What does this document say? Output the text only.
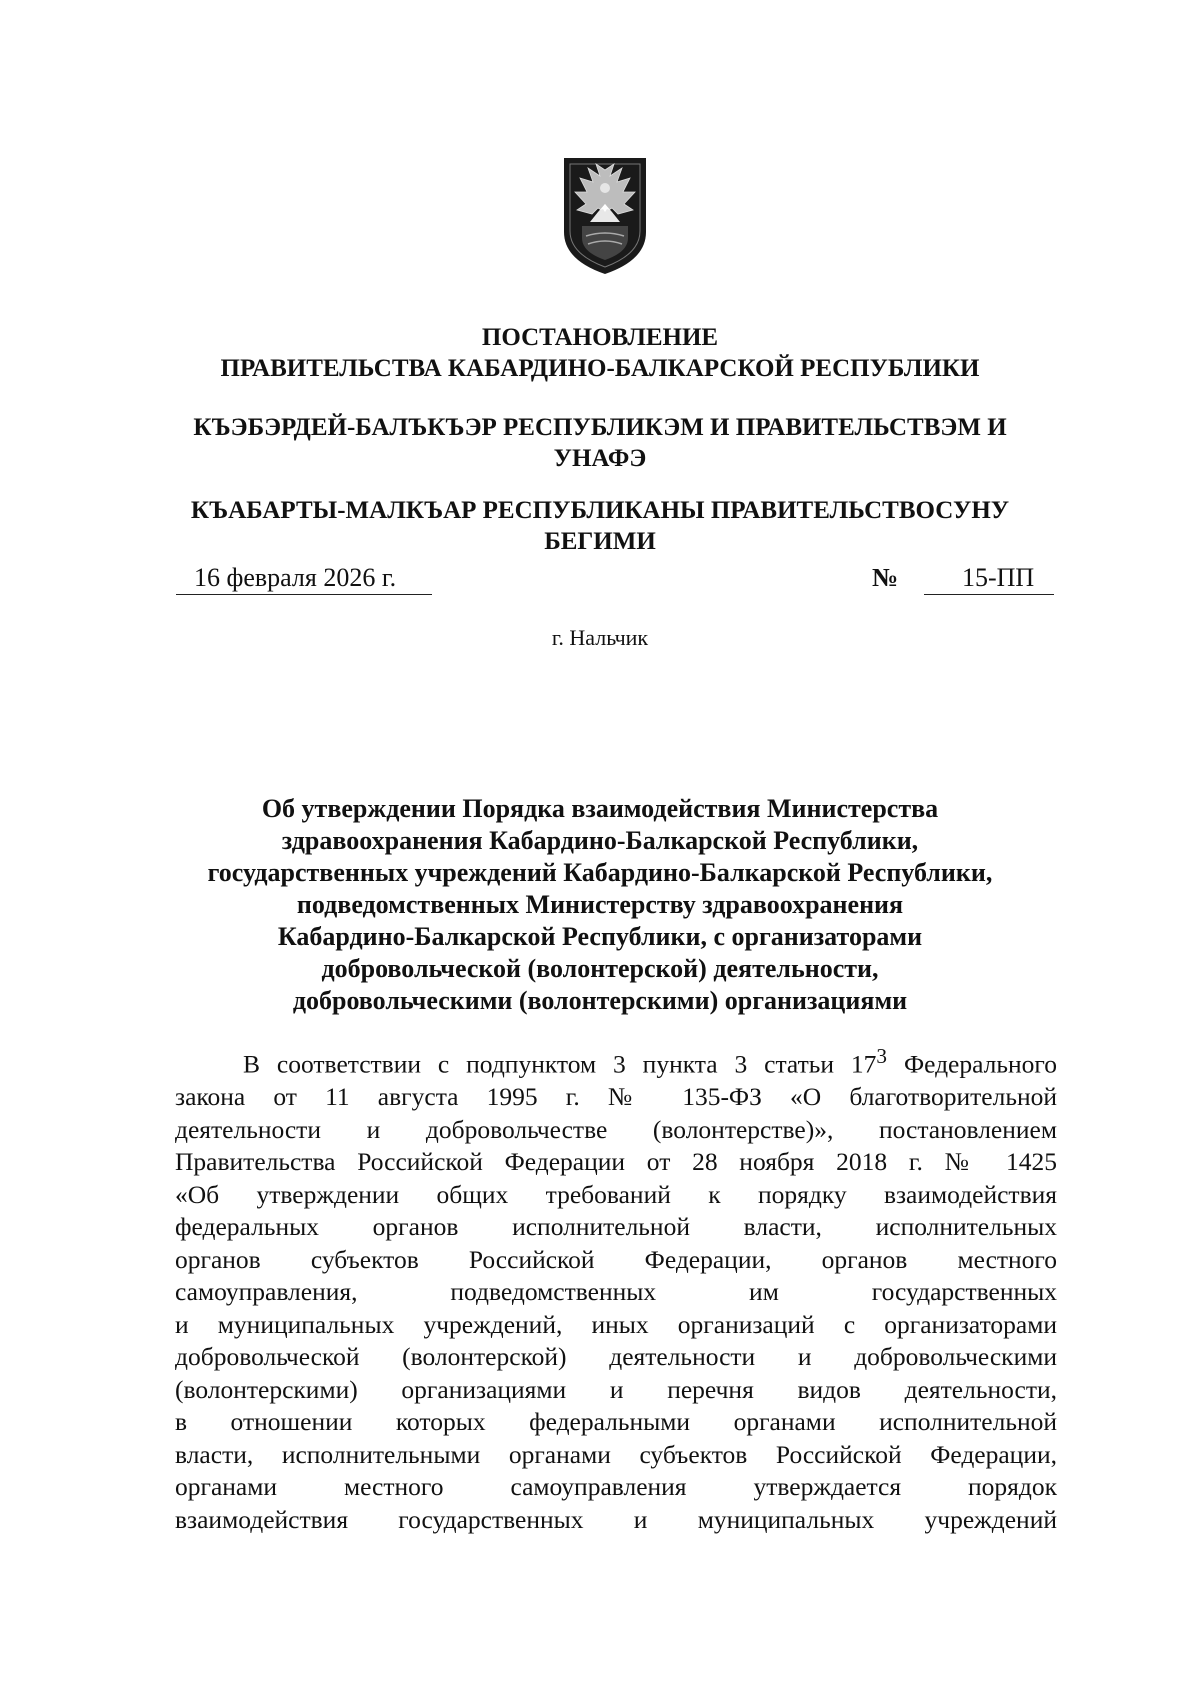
ПОСТАНОВЛЕНИЕ
ПРАВИТЕЛЬСТВА КАБАРДИНО-БАЛКАРСКОЙ РЕСПУБЛИКИ
КЪЭБЭРДЕЙ-БАЛЪКЪЭР РЕСПУБЛИКЭМ И ПРАВИТЕЛЬСТВЭМ И
УНАФЭ
КЪАБАРТЫ-МАЛКЪАР РЕСПУБЛИКАНЫ ПРАВИТЕЛЬСТВОСУНУ
БЕГИМИ
16 февраля 2026 г.	№	15-ПП
г. Нальчик
Об утверждении Порядка взаимодействия Министерства
здравоохранения Кабардино-Балкарской Республики,
государственных учреждений Кабардино-Балкарской Республики,
подведомственных Министерству здравоохранения
Кабардино-Балкарской Республики, с организаторами
добровольческой (волонтерской) деятельности,
добровольческими (волонтерскими) организациями
В соответствии с подпунктом 3 пункта 3 статьи $17^3$ Федерального
закона от 11 августа 1995 г. № 135-ФЗ «О благотворительной
деятельности и добровольчестве (волонтерстве)», постановлением
Правительства Российской Федерации от 28 ноября 2018 г. № 1425
«Об утверждении общих требований к порядку взаимодействия
федеральных органов исполнительной власти, исполнительных
органов субъектов Российской Федерации, органов местного
самоуправления, подведомственных им государственных
и муниципальных учреждений, иных организаций с организаторами
добровольческой (волонтерской) деятельности и добровольческими
(волонтерскими) организациями и перечня видов деятельности,
в отношении которых федеральными органами исполнительной
власти, исполнительными органами субъектов Российской Федерации,
органами местного самоуправления утверждается порядок
взаимодействия государственных и муниципальных учреждений
